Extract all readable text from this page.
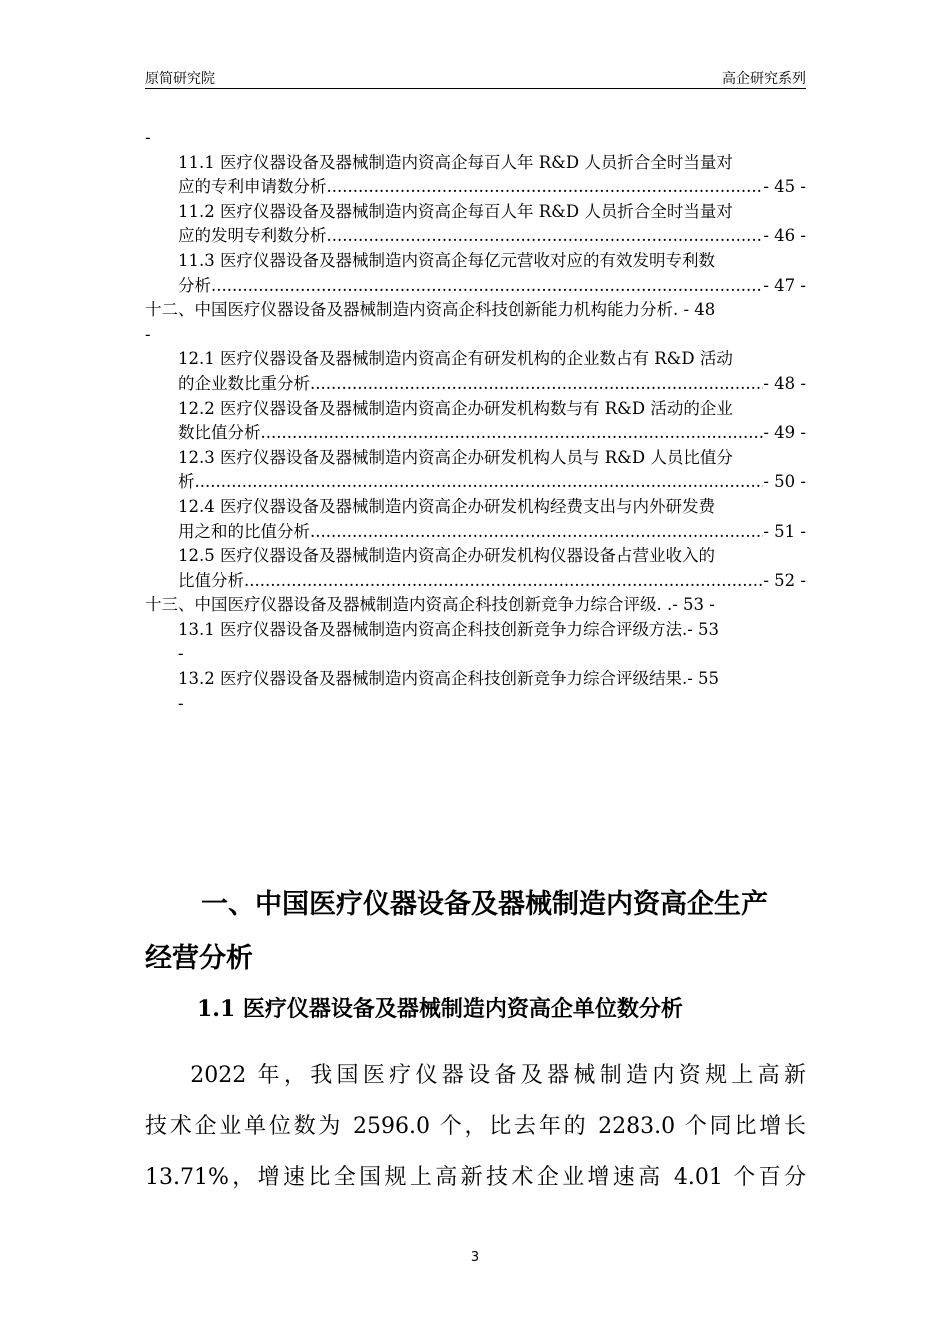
原简研究院	高企研究系列
-
11.1 医疗仪器设备及器械制造内资高企每百人年 R&D 人员折合全时当量对
应的专利申请数分析 .....	- 45 -
11.2 医疗仪器设备及器械制造内资高企每百人年 R&D 人员折合全时当量对
应的发明专利数分析 .....	- 46 -
11.3 医疗仪器设备及器械制造内资高企每亿元营收对应的有效发明专利数
分析 .....	- 47 -
十二、中国医疗仪器设备及器械制造内资高企科技创新能力机构能力分析 . - 48
-
12.1 医疗仪器设备及器械制造内资高企有研发机构的企业数占有 R&D 活动
的企业数比重分析 .....	- 48 -
12.2 医疗仪器设备及器械制造内资高企办研发机构数与有 R&D 活动的企业
数比值分析 .....	- 49 -
12.3 医疗仪器设备及器械制造内资高企办研发机构人员与 R&D 人员比值分
析 .....	- 50 -
12.4 医疗仪器设备及器械制造内资高企办研发机构经费支出与内外研发费
用之和的比值分析 .....	- 51 -
12.5 医疗仪器设备及器械制造内资高企办研发机构仪器设备占营业收入的
比值分析 .....	- 52 -
十三、中国医疗仪器设备及器械制造内资高企科技创新竞争力综合评级 . .- 53 -
13.1 医疗仪器设备及器械制造内资高企科技创新竞争力综合评级方法 .- 53
-
13.2 医疗仪器设备及器械制造内资高企科技创新竞争力综合评级结果 .- 55
-
一、中国医疗仪器设备及器械制造内资高企生产
经营分析
1.1 医疗仪器设备及器械制造内资高企单位数分析
2022 年，我国医疗仪器设备及器械制造内资规上高新
技术企业单位数为 2596.0 个，比去年的 2283.0 个同比增长
13.71%，增速比全国规上高新技术企业增速高 4.01 个百分
3
